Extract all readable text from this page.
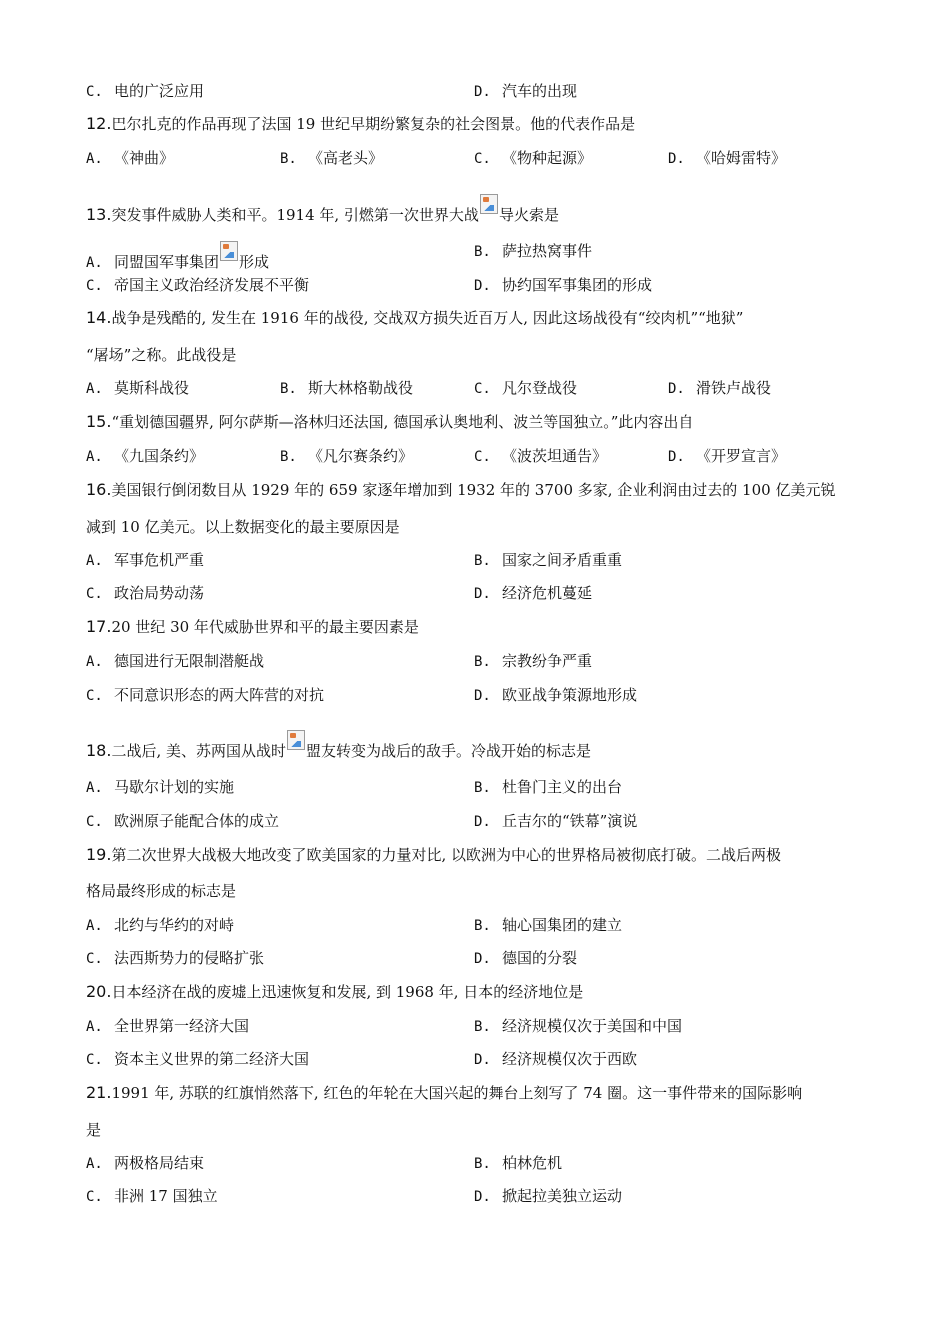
C. 电的广泛应用	D. 汽车的出现
12.巴尔扎克的作品再现了法国 19 世纪早期纷繁复杂的社会图景。他的代表作品是
A. 《神曲》	B. 《高老头》	C. 《物种起源》	D. 《哈姆雷特》
13.突发事件威胁人类和平。1914 年, 引燃第一次世界大战 导火索是
A. 同盟国军事集团 形成
B. 萨拉热窝事件
C. 帝国主义政治经济发展不平衡	D. 协约国军事集团的形成
14.战争是残酷的, 发生在 1916 年的战役, 交战双方损失近百万人, 因此这场战役有“绞肉机”“地狱”
“屠场”之称。此战役是
A. 莫斯科战役	B. 斯大林格勒战役	C. 凡尔登战役	D. 滑铁卢战役
15.“重划德国疆界, 阿尔萨斯—洛林归还法国, 德国承认奥地利、波兰等国独立。”此内容出自
A. 《九国条约》	B. 《凡尔赛条约》	C. 《波茨坦通告》	D. 《开罗宣言》
16.美国银行倒闭数目从 1929 年的 659 家逐年增加到 1932 年的 3700 多家, 企业利润由过去的 100 亿美元锐
减到 10 亿美元。以上数据变化的最主要原因是
A. 军事危机严重	B. 国家之间矛盾重重
C. 政治局势动荡	D. 经济危机蔓延
17.20 世纪 30 年代威胁世界和平的最主要因素是
A. 德国进行无限制潜艇战	B. 宗教纷争严重
C. 不同意识形态的两大阵营的对抗	D. 欧亚战争策源地形成
18.二战后, 美、苏两国从战时 盟友转变为战后的敌手。冷战开始的标志是
A. 马歇尔计划的实施	B. 杜鲁门主义的出台
C. 欧洲原子能配合体的成立	D. 丘吉尔的“铁幕”演说
19.第二次世界大战极大地改变了欧美国家的力量对比, 以欧洲为中心的世界格局被彻底打破。二战后两极
格局最终形成的标志是
A. 北约与华约的对峙	B. 轴心国集团的建立
C. 法西斯势力的侵略扩张	D. 德国的分裂
20.日本经济在战的废墟上迅速恢复和发展, 到 1968 年, 日本的经济地位是
A. 全世界第一经济大国	B. 经济规模仅次于美国和中国
C. 资本主义世界的第二经济大国	D. 经济规模仅次于西欧
21.1991 年, 苏联的红旗悄然落下, 红色的年轮在大国兴起的舞台上刻写了 74 圈。这一事件带来的国际影响
是
A. 两极格局结束	B. 柏林危机
C. 非洲 17 国独立	D. 掀起拉美独立运动
